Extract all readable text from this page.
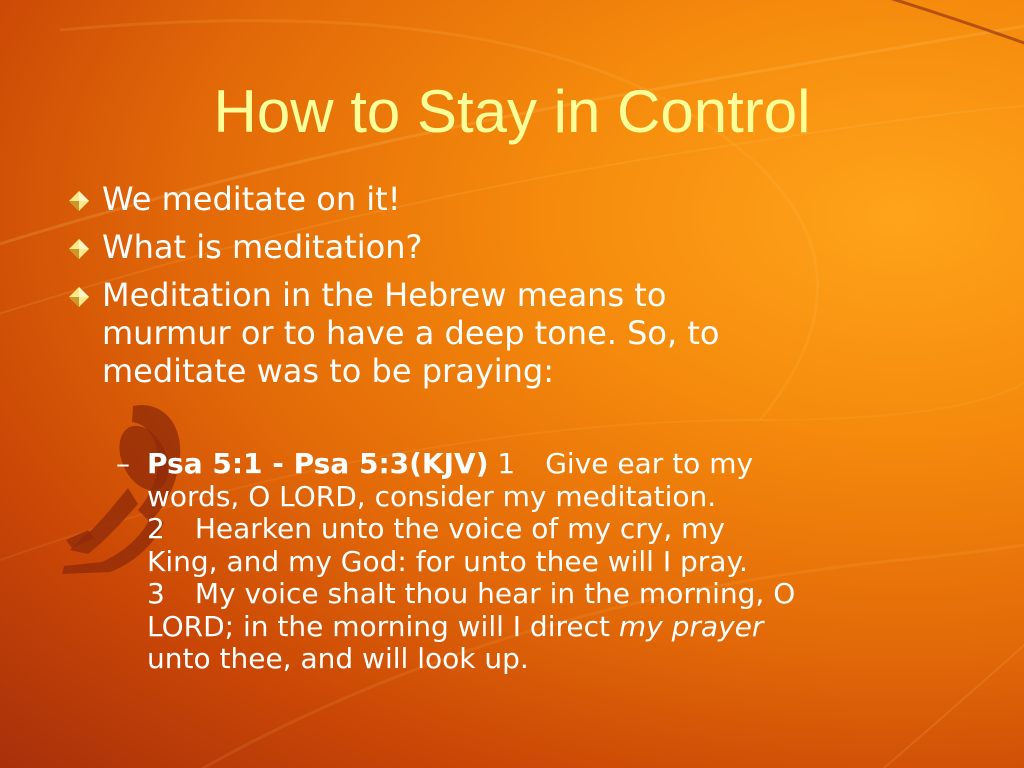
How to Stay in Control
We meditate on it!
What is meditation?
Meditation in the Hebrew means to
murmur or to have a deep tone. So, to
meditate was to be praying:
– Psa 5:1 - Psa 5:3(KJV) 1 Give ear to my
words, O LORD, consider my meditation.
2 Hearken unto the voice of my cry, my
King, and my God: for unto thee will I pray.
3 My voice shalt thou hear in the morning, O
LORD; in the morning will I direct my prayer
unto thee, and will look up.
